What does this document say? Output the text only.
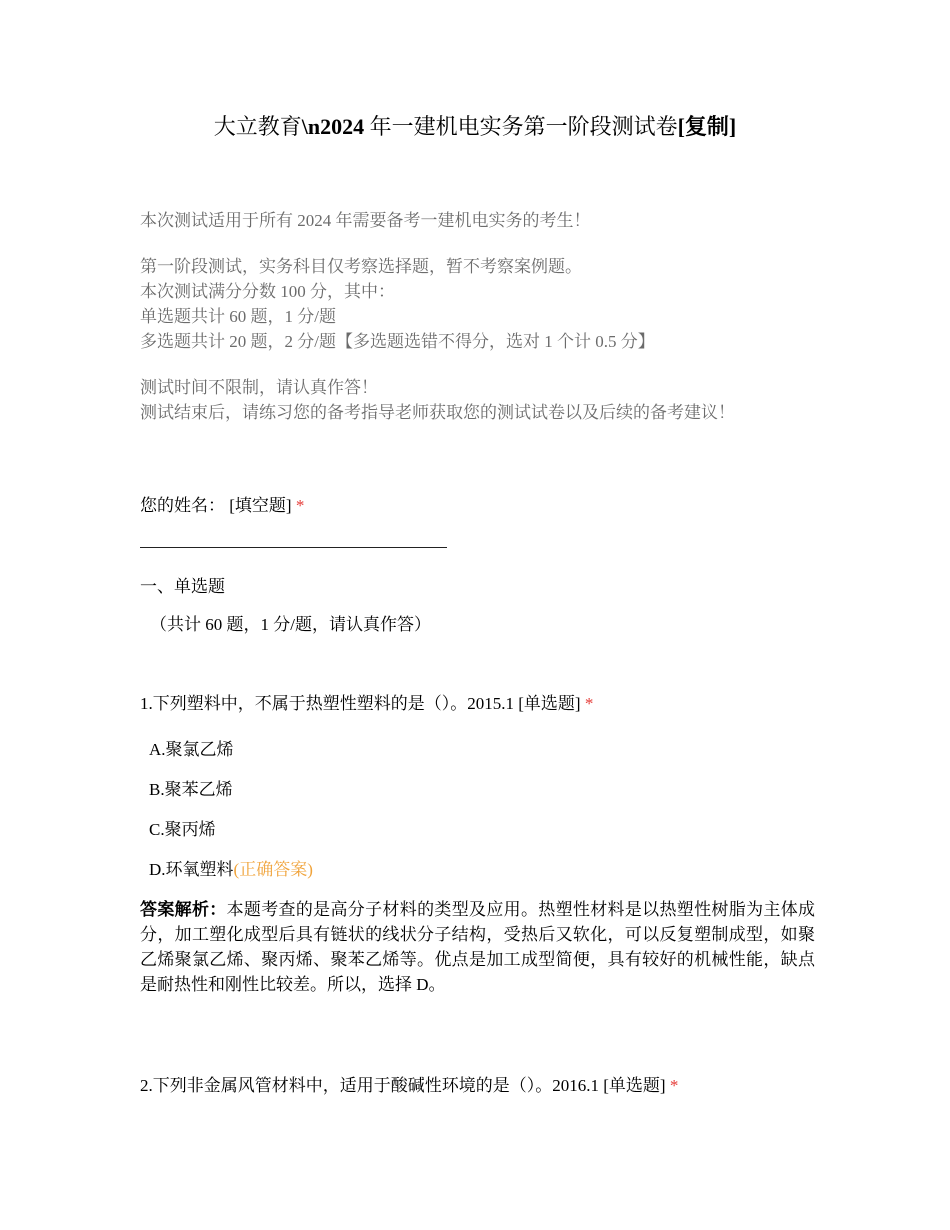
大立教育\n2024 年一建机电实务第一阶段测试卷[复制]

本次测试适用于所有 2024 年需要备考一建机电实务的考生！

第一阶段测试，实务科目仅考察选择题，暂不考察案例题。

本次测试满分分数 100 分，其中：

单选题共计 60 题，1 分/题

多选题共计 20 题，2 分/题【多选题选错不得分，选对 1 个计 0.5 分】

测试时间不限制，请认真作答！

测试结束后，请练习您的备考指导老师获取您的测试试卷以及后续的备考建议！

您的姓名： [填空题] *
一、单选题
（共计 60 题，1 分/题，请认真作答）
1.下列塑料中，不属于热塑性塑料的是（）。2015.1 [单选题] *
A.聚氯乙烯
B.聚苯乙烯
C.聚丙烯
D.环氧塑料(正确答案)
答案解析：本题考查的是高分子材料的类型及应用。热塑性材料是以热塑性树脂为主体成分，加工塑化成型后具有链状的线状分子结构，受热后又软化，可以反复塑制成型，如聚乙烯聚氯乙烯、聚丙烯、聚苯乙烯等。优点是加工成型简便，具有较好的机械性能，缺点是耐热性和刚性比较差。所以，选择 D。
2.下列非金属风管材料中，适用于酸碱性环境的是（）。2016.1 [单选题] *
